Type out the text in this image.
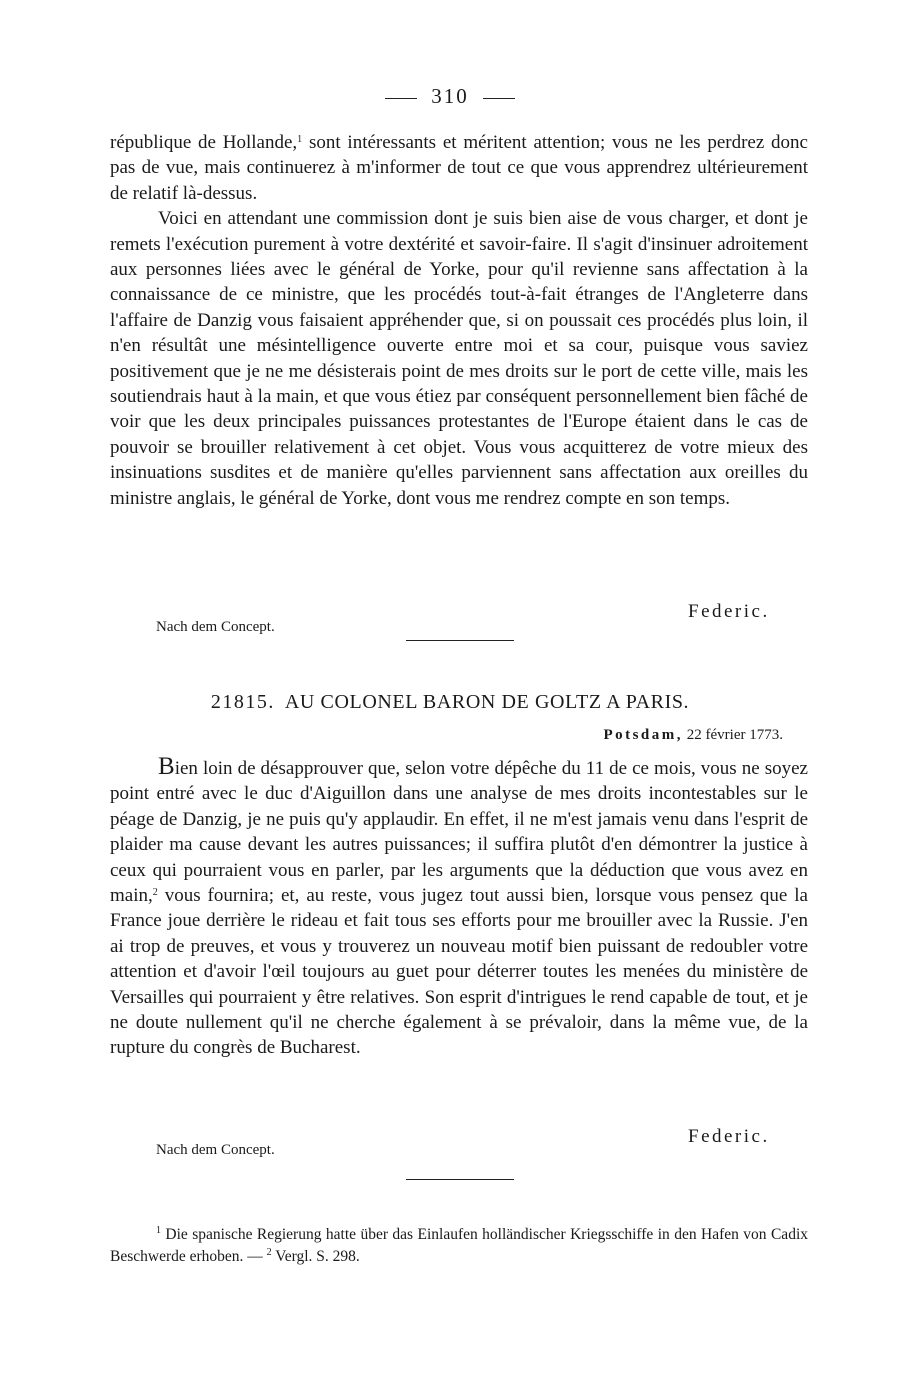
310

république de Hollande,$^1$ sont intéressants et méritent attention; vous ne les perdrez donc pas de vue, mais continuerez à m'informer de tout ce que vous apprendrez ultérieurement de relatif là-dessus.

Voici en attendant une commission dont je suis bien aise de vous charger, et dont je remets l'exécution purement à votre dextérité et savoir-faire. Il s'agit d'insinuer adroitement aux personnes liées avec le général de Yorke, pour qu'il revienne sans affectation à la connaissance de ce ministre, que les procédés tout-à-fait étranges de l'Angleterre dans l'affaire de Danzig vous faisaient appréhender que, si on poussait ces procédés plus loin, il n'en résultât une mésintelligence ouverte entre moi et sa cour, puisque vous saviez positivement que je ne me désisterais point de mes droits sur le port de cette ville, mais les soutiendrais haut à la main, et que vous étiez par conséquent personnellement bien fâché de voir que les deux principales puissances protestantes de l'Europe étaient dans le cas de pouvoir se brouiller relativement à cet objet. Vous vous acquitterez de votre mieux des insinuations susdites et de manière qu'elles parviennent sans affectation aux oreilles du ministre anglais, le général de Yorke, dont vous me rendrez compte en son temps.

Federic.
Nach dem Concept.
21815. AU COLONEL BARON DE GOLTZ A PARIS.
Potsdam, 22 février 1773.

Bien loin de désapprouver que, selon votre dépêche du 11 de ce mois, vous ne soyez point entré avec le duc d'Aiguillon dans une analyse de mes droits incontestables sur le péage de Danzig, je ne puis qu'y applaudir. En effet, il ne m'est jamais venu dans l'esprit de plaider ma cause devant les autres puissances; il suffira plutôt d'en démontrer la justice à ceux qui pourraient vous en parler, par les arguments que la déduction que vous avez en main,$^2$ vous fournira; et, au reste, vous jugez tout aussi bien, lorsque vous pensez que la France joue derrière le rideau et fait tous ses efforts pour me brouiller avec la Russie. J'en ai trop de preuves, et vous y trouverez un nouveau motif bien puissant de redoubler votre attention et d'avoir l'œil toujours au guet pour déterrer toutes les menées du ministère de Versailles qui pourraient y être relatives. Son esprit d'intrigues le rend capable de tout, et je ne doute nullement qu'il ne cherche également à se prévaloir, dans la même vue, de la rupture du congrès de Bucharest.

Federic.
Nach dem Concept.

$^1$ Die spanische Regierung hatte über das Einlaufen holländischer Kriegsschiffe in den Hafen von Cadix Beschwerde erhoben. — $^2$ Vergl. S. 298.
